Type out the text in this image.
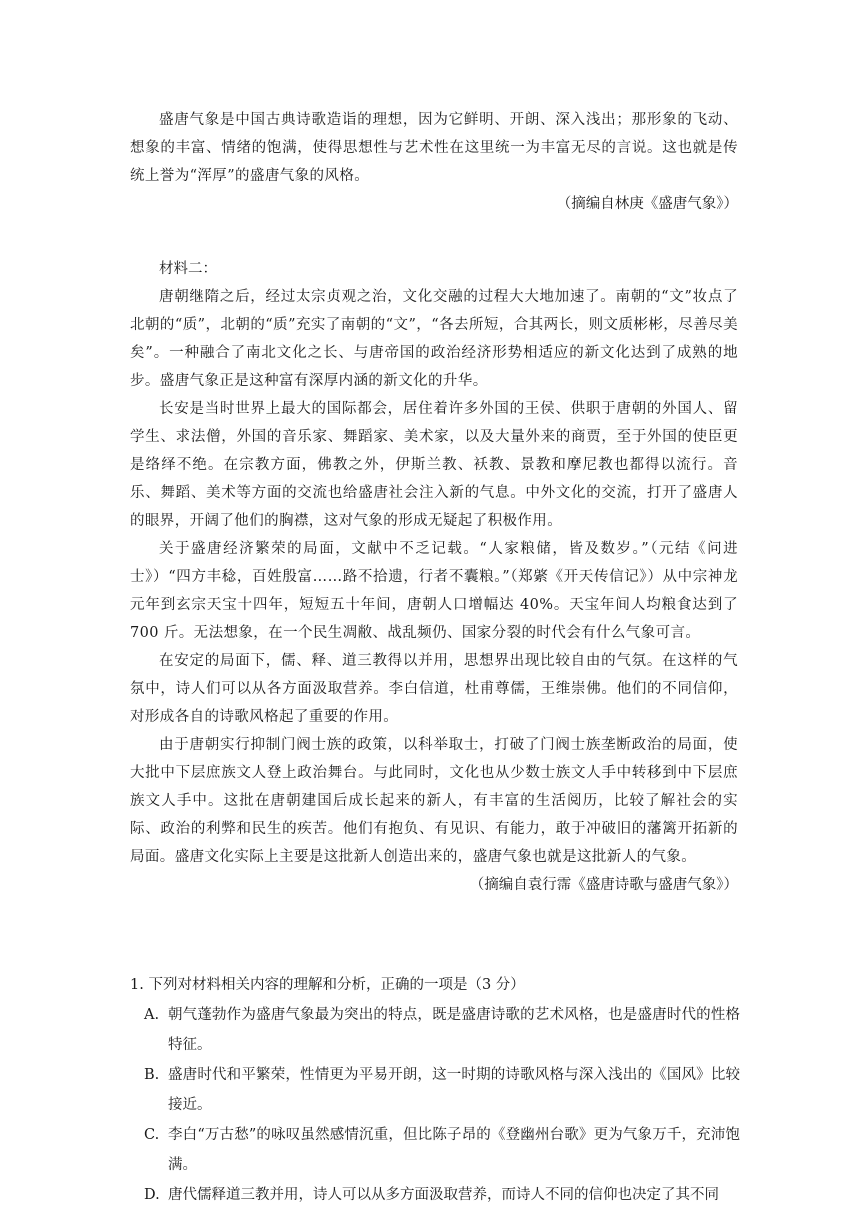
盛唐气象是中国古典诗歌造诣的理想，因为它鲜明、开朗、深入浅出；那形象的飞动、想象的丰富、情绪的饱满，使得思想性与艺术性在这里统一为丰富无尽的言说。这也就是传统上誉为“浑厚”的盛唐气象的风格。

（摘编自林庚《盛唐气象》）

材料二：

唐朝继隋之后，经过太宗贞观之治，文化交融的过程大大地加速了。南朝的“文”妆点了北朝的“质”，北朝的“质”充实了南朝的“文”，“各去所短，合其两长，则文质彬彬，尽善尽美矣”。一种融合了南北文化之长、与唐帝国的政治经济形势相适应的新文化达到了成熟的地步。盛唐气象正是这种富有深厚内涵的新文化的升华。

长安是当时世界上最大的国际都会，居住着许多外国的王侯、供职于唐朝的外国人、留学生、求法僧，外国的音乐家、舞蹈家、美术家，以及大量外来的商贾，至于外国的使臣更是络绎不绝。在宗教方面，佛教之外，伊斯兰教、袄教、景教和摩尼教也都得以流行。音乐、舞蹈、美术等方面的交流也给盛唐社会注入新的气息。中外文化的交流，打开了盛唐人的眼界，开阔了他们的胸襟，这对气象的形成无疑起了积极作用。

关于盛唐经济繁荣的局面，文献中不乏记载。“人家粮储，皆及数岁。”（元结《问进士》）“四方丰稔，百姓殷富……路不拾遗，行者不囊粮。”（郑綮《开天传信记》）从中宗神龙元年到玄宗天宝十四年，短短五十年间，唐朝人口增幅达 40%。天宝年间人均粮食达到了 700 斤。无法想象，在一个民生凋敝、战乱频仍、国家分裂的时代会有什么气象可言。

在安定的局面下，儒、释、道三教得以并用，思想界出现比较自由的气氛。在这样的气氛中，诗人们可以从各方面汲取营养。李白信道，杜甫尊儒，王维崇佛。他们的不同信仰，对形成各自的诗歌风格起了重要的作用。

由于唐朝实行抑制门阀士族的政策，以科举取士，打破了门阀士族垄断政治的局面，使大批中下层庶族文人登上政治舞台。与此同时，文化也从少数士族文人手中转移到中下层庶族文人手中。这批在唐朝建国后成长起来的新人，有丰富的生活阅历，比较了解社会的实际、政治的利弊和民生的疾苦。他们有抱负、有见识、有能力，敢于冲破旧的藩篱开拓新的局面。盛唐文化实际上主要是这批新人创造出来的，盛唐气象也就是这批新人的气象。

（摘编自袁行霈《盛唐诗歌与盛唐气象》）

1. 下列对材料相关内容的理解和分析，正确的一项是（3 分）

A. 朝气蓬勃作为盛唐气象最为突出的特点，既是盛唐诗歌的艺术风格，也是盛唐时代的性格特征。

B. 盛唐时代和平繁荣，性情更为平易开朗，这一时期的诗歌风格与深入浅出的《国风》比较接近。

C. 李白“万古愁”的咏叹虽然感情沉重，但比陈子昂的《登幽州台歌》更为气象万千，充沛饱满。

D. 唐代儒释道三教并用，诗人可以从多方面汲取营养，而诗人不同的信仰也决定了其不同
